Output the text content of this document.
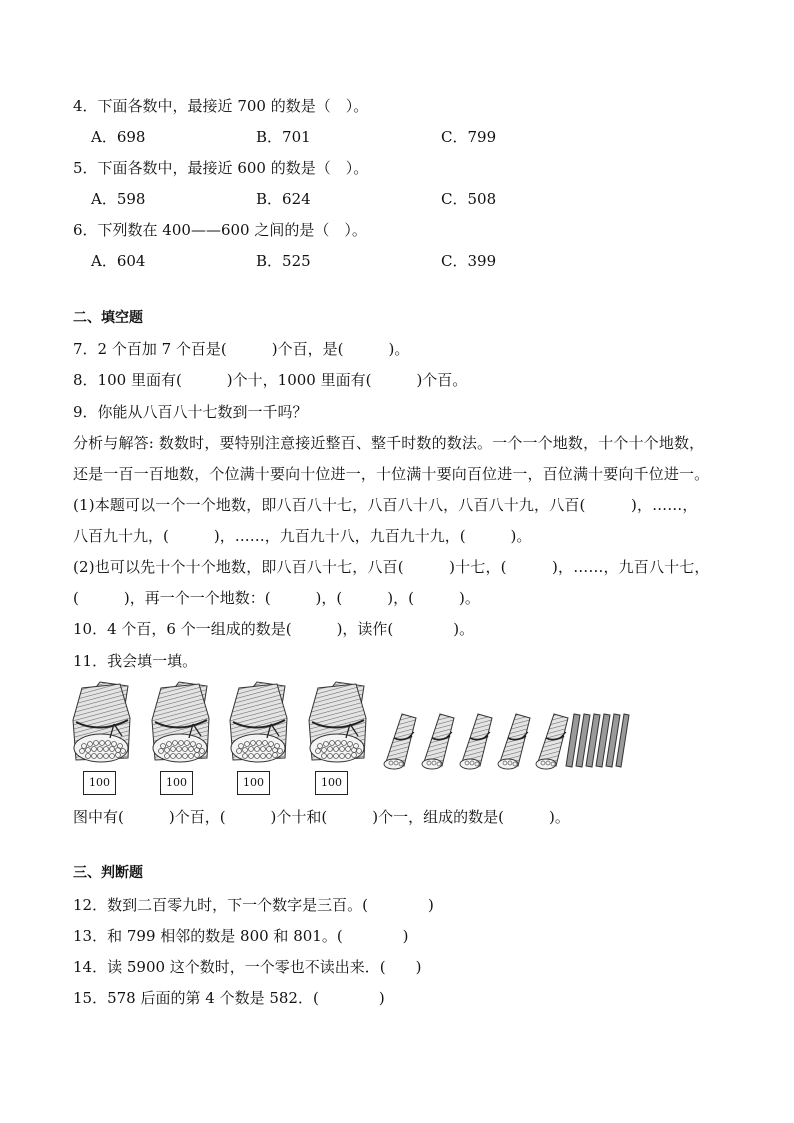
4．下面各数中，最接近 700 的数是（　）。
A．698	B．701	C．799
5．下面各数中，最接近 600 的数是（　）。
A．598	B．624	C．508
6．下列数在 400——600 之间的是（　）。
A．604	B．525	C．399
二、填空题
7．2 个百加 7 个百是(　　　)个百，是(　　　)。
8．100 里面有(　　　)个十，1000 里面有(　　　)个百。
9．你能从八百八十七数到一千吗？
分析与解答: 数数时，要特别注意接近整百、整千时数的数法。一个一个地数，十个十个地数，
还是一百一百地数，个位满十要向十位进一，十位满十要向百位进一，百位满十要向千位进一。
(1)本题可以一个一个地数，即八百八十七，八百八十八，八百八十九，八百(　　　)，……，
八百九十九，(　　　)，……，九百九十八，九百九十九，(　　　)。
(2)也可以先十个十个地数，即八百八十七，八百(　　　)十七，(　　　)，……，九百八十七，
(　　　)，再一个一个地数：(　　　)，(　　　)，(　　　)。
10．4 个百，6 个一组成的数是(　　　)，读作(　　　　)。
11．我会填一填。
100	100	100	100
图中有(　　　)个百，(　　　)个十和(　　　)个一，组成的数是(　　　)。
三、判断题
12．数到二百零九时，下一个数字是三百。(　　　　)
13．和 799 相邻的数是 800 和 801。(　　　　)
14．读 5900 这个数时，一个零也不读出来．(　　)
15．578 后面的第 4 个数是 582．(　　　　)
